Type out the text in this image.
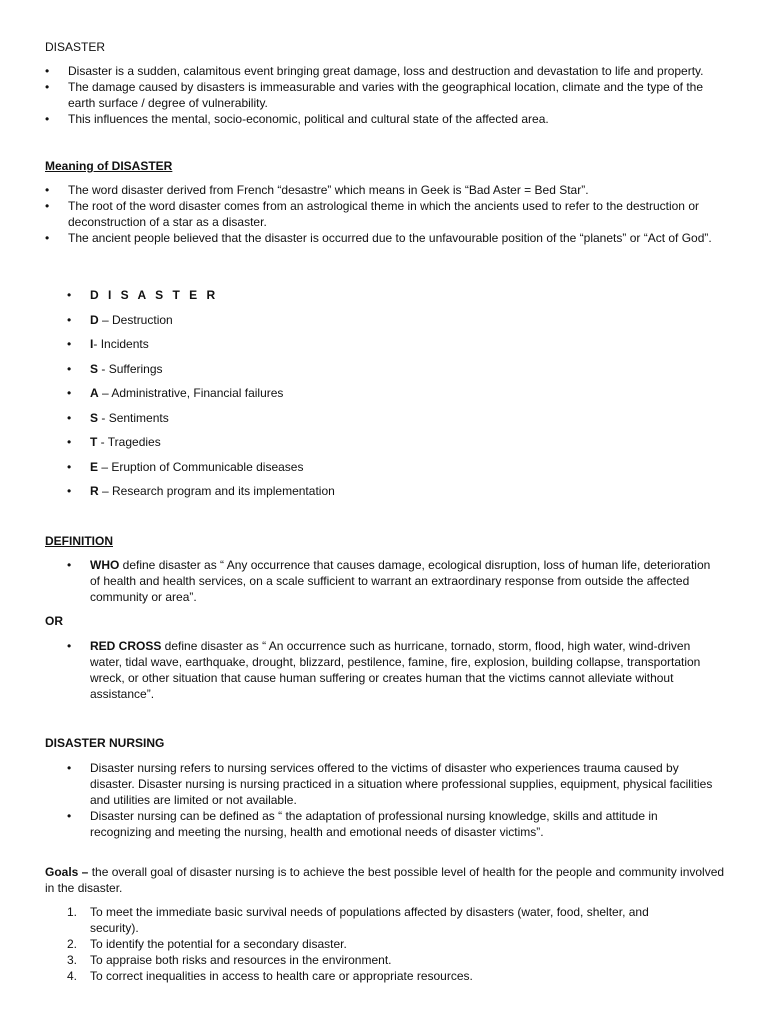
DISASTER

• Disaster is a sudden, calamitous event bringing great damage, loss and destruction and devastation to life and property.
• The damage caused by disasters is immeasurable and varies with the geographical location, climate and the type of the earth surface / degree of vulnerability.
• This influences the mental, socio-economic, political and cultural state of the affected area.

Meaning of DISASTER

• The word disaster derived from French “desastre” which means in Geek is “Bad Aster = Bed Star”.
• The root of the word disaster comes from an astrological theme in which the ancients used to refer to the destruction or deconstruction of a star as a disaster.
• The ancient people believed that the disaster is occurred due to the unfavourable position of the “planets” or “Act of God”.
• D I S A S T E R
• D – Destruction
• I- Incidents
• S - Sufferings
• A – Administrative, Financial failures
• S - Sentiments
• T - Tragedies
• E – Eruption of Communicable diseases
• R – Research program and its implementation

DEFINITION

• WHO define disaster as “ Any occurrence that causes damage, ecological disruption, loss of human life, deterioration of health and health services, on a scale sufficient to warrant an extraordinary response from outside the affected community or area”.

OR

• RED CROSS define disaster as “ An occurrence such as hurricane, tornado, storm, flood, high water, wind-driven water, tidal wave, earthquake, drought, blizzard, pestilence, famine, fire, explosion, building collapse, transportation wreck, or other situation that cause human suffering or creates human that the victims cannot alleviate without assistance”.

DISASTER NURSING

• Disaster nursing refers to nursing services offered to the victims of disaster who experiences trauma caused by disaster. Disaster nursing is nursing practiced in a situation where professional supplies, equipment, physical facilities and utilities are limited or not available.
• Disaster nursing can be defined as “ the adaptation of professional nursing knowledge, skills and attitude in recognizing and meeting the nursing, health and emotional needs of disaster victims”.

Goals – the overall goal of disaster nursing is to achieve the best possible level of health for the people and community involved in the disaster.

1. To meet the immediate basic survival needs of populations affected by disasters (water, food, shelter, and security).
2. To identify the potential for a secondary disaster.
3. To appraise both risks and resources in the environment.
4. To correct inequalities in access to health care or appropriate resources.
